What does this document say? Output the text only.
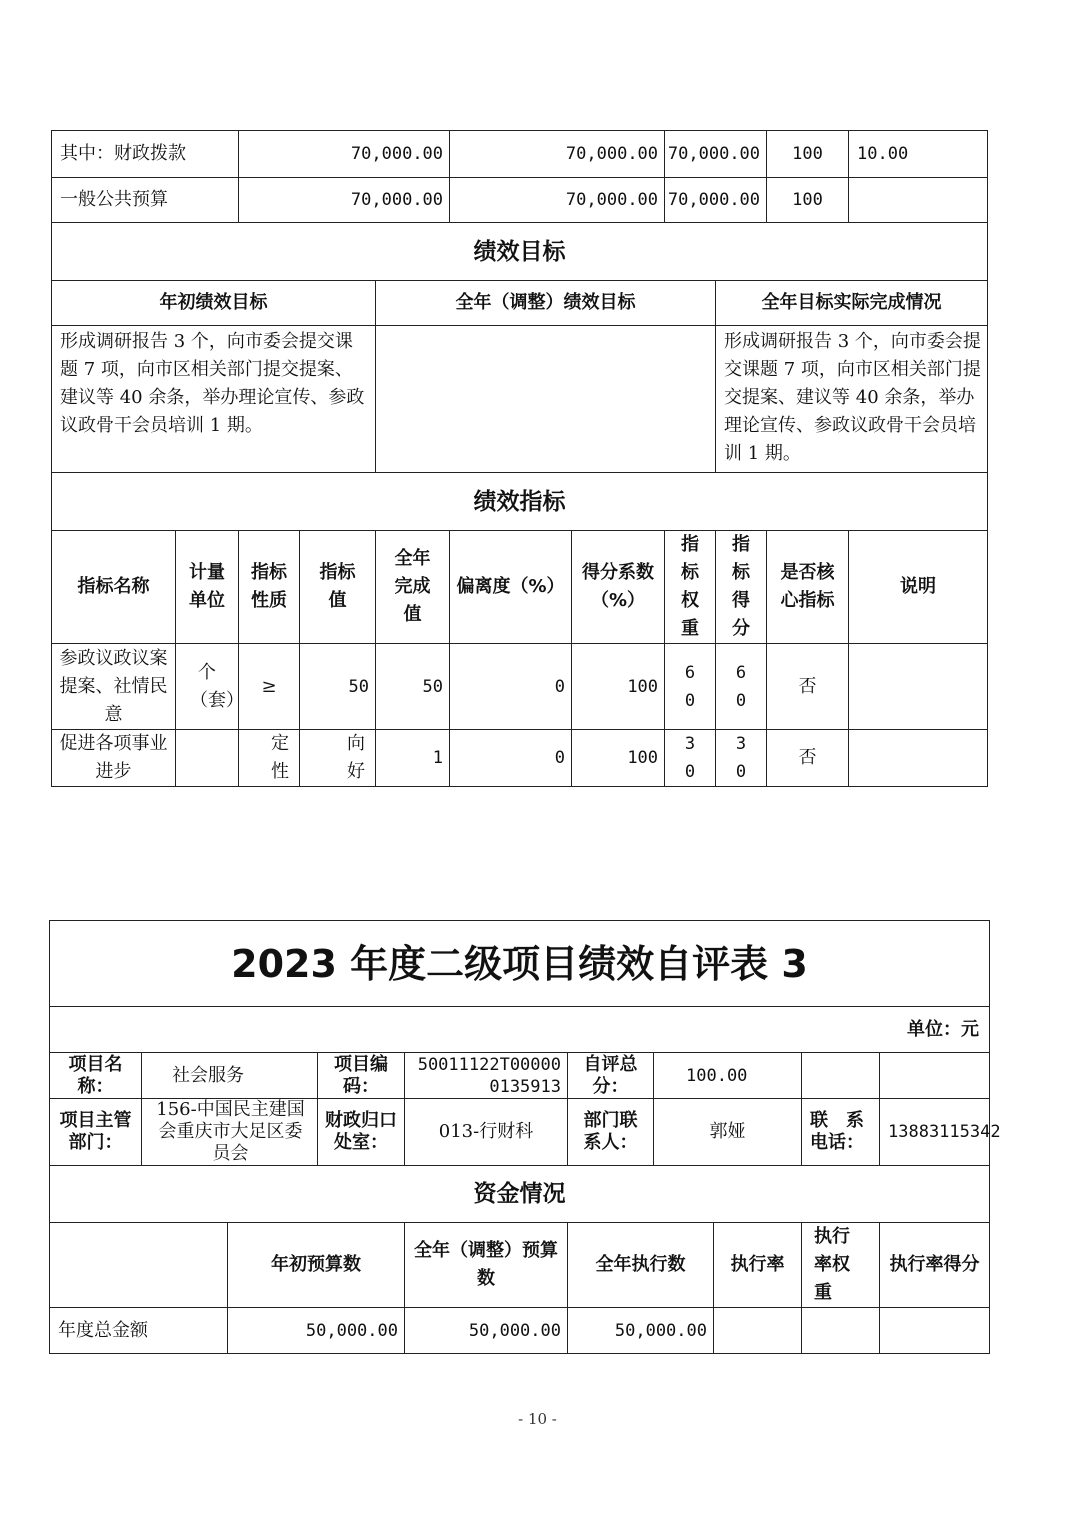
其中：财政拨款		70,000.00			70,000.00		70,000.00		100	10.00	
一般公共预算		70,000.00			70,000.00		70,000.00		100		
绩效目标											
年初绩效目标				全年（调整）绩效目标				全年目标实际完成情况			
形成调研报告 3 个，向市委会提交课题 7 项，向市区相关部门提交提案、建议等 40 余条，举办理论宣传、参政议政骨干会员培训 1 期。								形成调研报告 3 个，向市委会提交课题 7 项，向市区相关部门提交提案、建议等 40 余条，举办理论宣传、参政议政骨干会员培训 1 期。			
绩效指标											
指标名称	计量单位	指标性质	指标值	全年完成值	偏离度（%）	得分系数（%）	指标权重	指标得分	是否核心指标	说明	
参政议政议案提案、社情民意	个（套）	≥	50	50	0	100	60	60	否		
促进各项事业进步		定性	向好	1	0	100	30	30	否		
2023 年度二级项目绩效自评表 3									
单位：元									
项目名称：	社会服务		项目编码：	50011122T000000135913	自评总分：	100.00			
项目主管部门：	156-中国民主建国会重庆市大足区委员会		财政归口处室：	013-行财科	部门联系人：	郭娅		联　系电话：	13883115342
资金情况									
		年初预算数		全年（调整）预算数	全年执行数		执行率	执行率权重	执行率得分
年度总金额		50,000.00		50,000.00	50,000.00				
- 10 -
